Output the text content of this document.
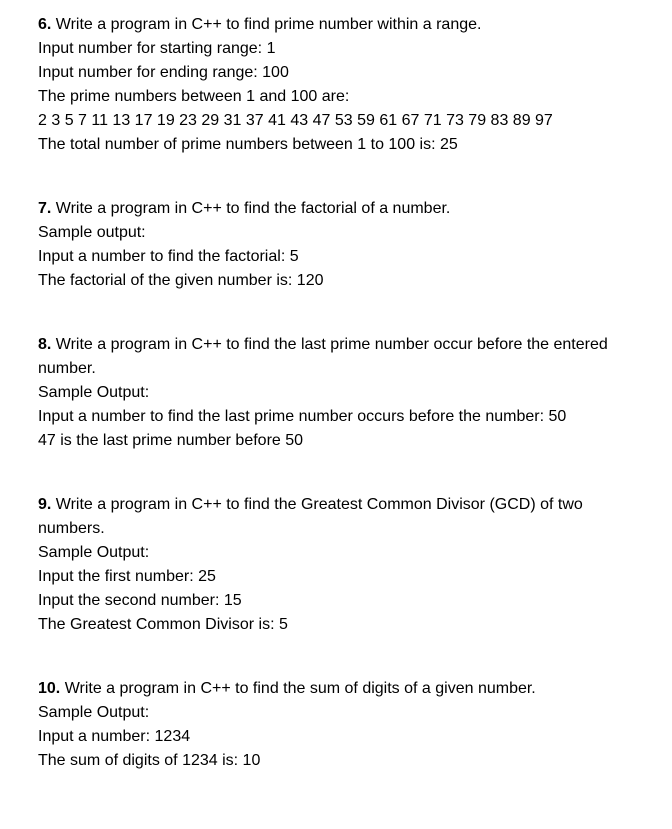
6. Write a program in C++ to find prime number within a range.
Input number for starting range: 1
Input number for ending range: 100
The prime numbers between 1 and 100 are:
2 3 5 7 11 13 17 19 23 29 31 37 41 43 47 53 59 61 67 71 73 79 83 89 97
The total number of prime numbers between 1 to 100 is: 25
7. Write a program in C++ to find the factorial of a number.
Sample output:
Input a number to find the factorial: 5
The factorial of the given number is: 120
8. Write a program in C++ to find the last prime number occur before the entered
number.
Sample Output:
Input a number to find the last prime number occurs before the number: 50
47 is the last prime number before 50
9. Write a program in C++ to find the Greatest Common Divisor (GCD) of two
numbers.
Sample Output:
Input the first number: 25
Input the second number: 15
The Greatest Common Divisor is: 5
10. Write a program in C++ to find the sum of digits of a given number.
Sample Output:
Input a number: 1234
The sum of digits of 1234 is: 10
